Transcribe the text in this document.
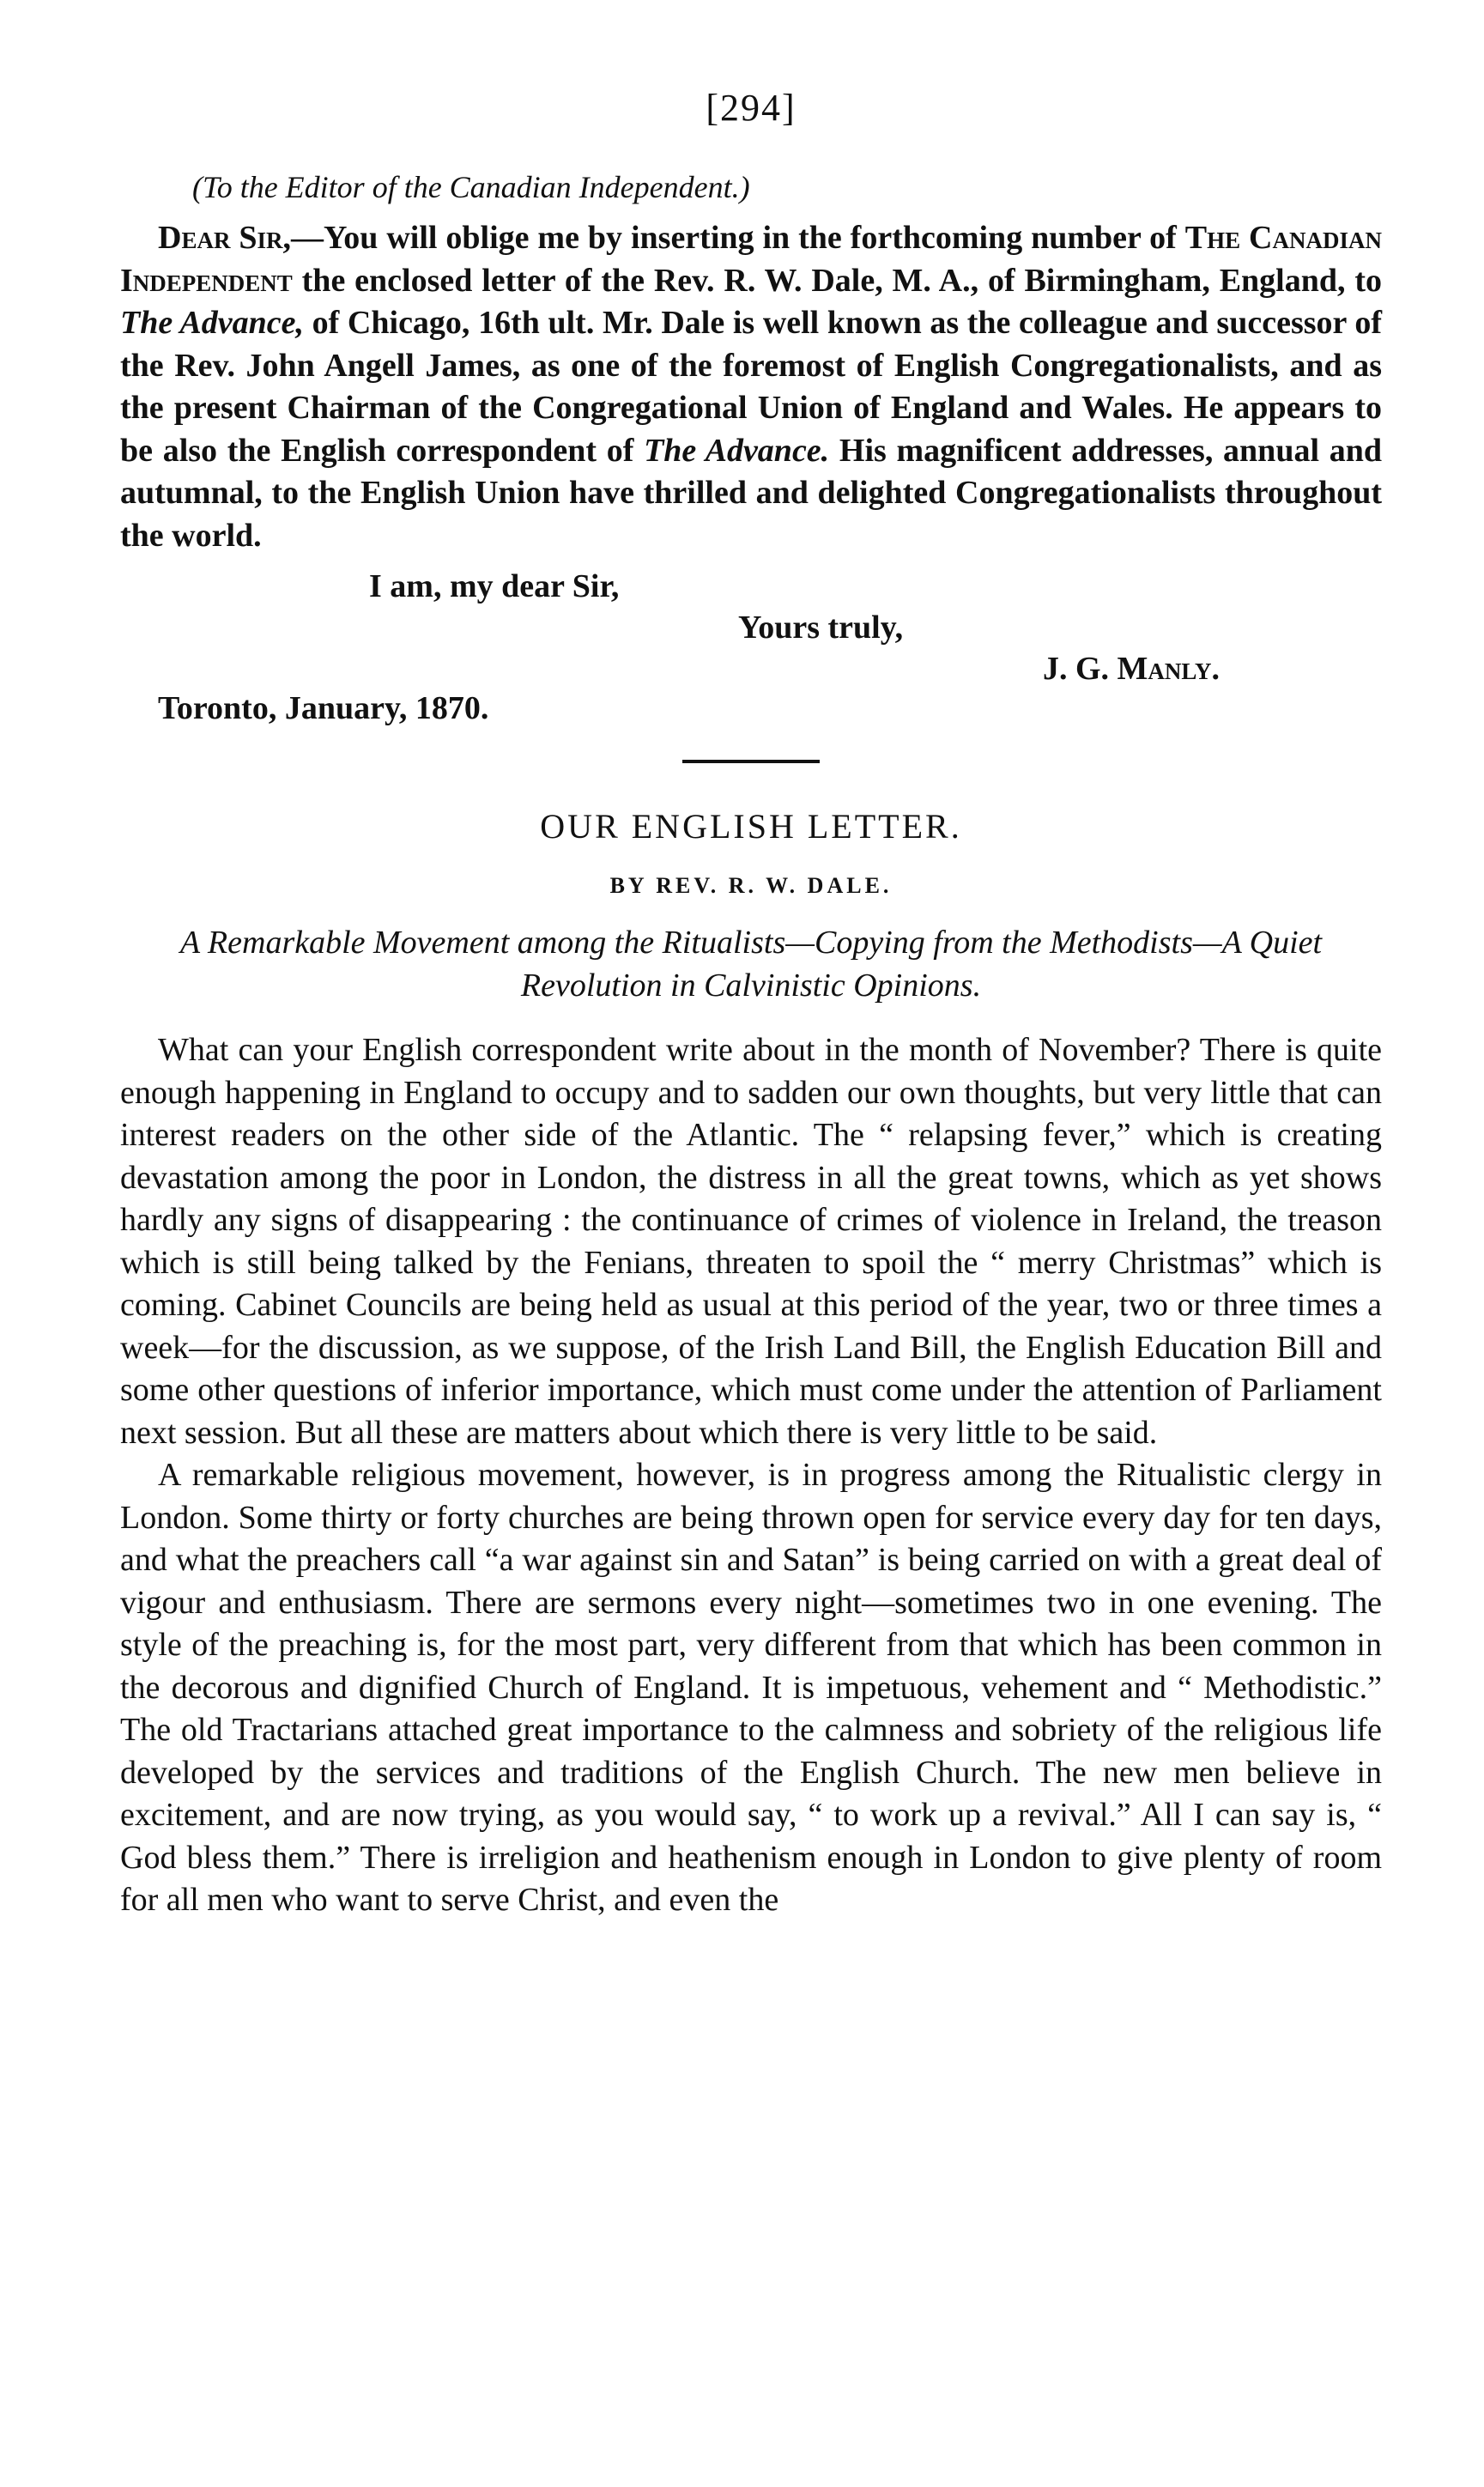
[294]
(To the Editor of the Canadian Independent.)

Dear Sir,—You will oblige me by inserting in the forthcoming number of The Canadian Independent the enclosed letter of the Rev. R. W. Dale, M. A., of Birmingham, England, to The Advance, of Chicago, 16th ult. Mr. Dale is well known as the colleague and successor of the Rev. John Angell James, as one of the foremost of English Congregationalists, and as the present Chairman of the Congregational Union of England and Wales. He appears to be also the English correspondent of The Advance. His magnificent addresses, annual and autumnal, to the English Union have thrilled and delighted Congregationalists throughout the world.

I am, my dear Sir,
Yours truly,
J. G. Manly.
Toronto, January, 1870.
OUR ENGLISH LETTER.
BY REV. R. W. DALE.
A Remarkable Movement among the Ritualists—Copying from the Methodists—A Quiet Revolution in Calvinistic Opinions.

What can your English correspondent write about in the month of November? There is quite enough happening in England to occupy and to sadden our own thoughts, but very little that can interest readers on the other side of the Atlantic. The “ relapsing fever,” which is creating devastation among the poor in London, the distress in all the great towns, which as yet shows hardly any signs of disappearing : the continuance of crimes of violence in Ireland, the treason which is still being talked by the Fenians, threaten to spoil the “ merry Christmas” which is coming. Cabinet Councils are being held as usual at this period of the year, two or three times a week—for the discussion, as we suppose, of the Irish Land Bill, the English Education Bill and some other questions of inferior importance, which must come under the attention of Parliament next session. But all these are matters about which there is very little to be said.

A remarkable religious movement, however, is in progress among the Ritualistic clergy in London. Some thirty or forty churches are being thrown open for service every day for ten days, and what the preachers call “a war against sin and Satan” is being carried on with a great deal of vigour and enthusiasm. There are sermons every night—sometimes two in one evening. The style of the preaching is, for the most part, very different from that which has been common in the decorous and dignified Church of England. It is impetuous, vehement and “ Methodistic.” The old Tractarians attached great importance to the calmness and sobriety of the religious life developed by the services and traditions of the English Church. The new men believe in excitement, and are now trying, as you would say, “ to work up a revival.” All I can say is, “ God bless them.” There is irreligion and heathenism enough in London to give plenty of room for all men who want to serve Christ, and even the
